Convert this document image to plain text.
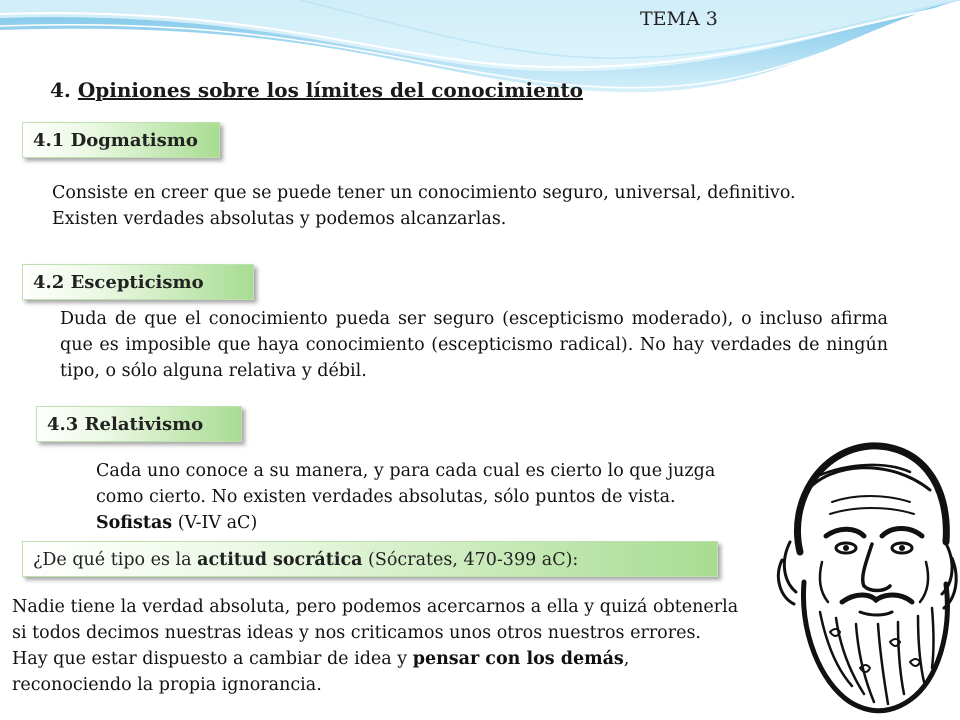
TEMA 3
4. Opiniones sobre los límites del conocimiento
4.1 Dogmatismo
Consiste en creer que se puede tener un conocimiento seguro, universal, definitivo.
Existen verdades absolutas y podemos alcanzarlas.
4.2 Escepticismo
Duda de que el conocimiento pueda ser seguro (escepticismo moderado), o incluso afirma que es imposible que haya conocimiento (escepticismo radical). No hay verdades de ningún tipo, o sólo alguna relativa y débil.
4.3 Relativismo
Cada uno conoce a su manera, y para cada cual es cierto lo que juzga como cierto. No existen verdades absolutas, sólo puntos de vista. Sofistas (V-IV aC)
¿De qué tipo es la actitud socrática (Sócrates, 470-399 aC):
Nadie tiene la verdad absoluta, pero podemos acercarnos a ella y quizá obtenerla si todos decimos nuestras ideas y nos criticamos unos otros nuestros errores. Hay que estar dispuesto a cambiar de idea y pensar con los demás, reconociendo la propia ignorancia.
